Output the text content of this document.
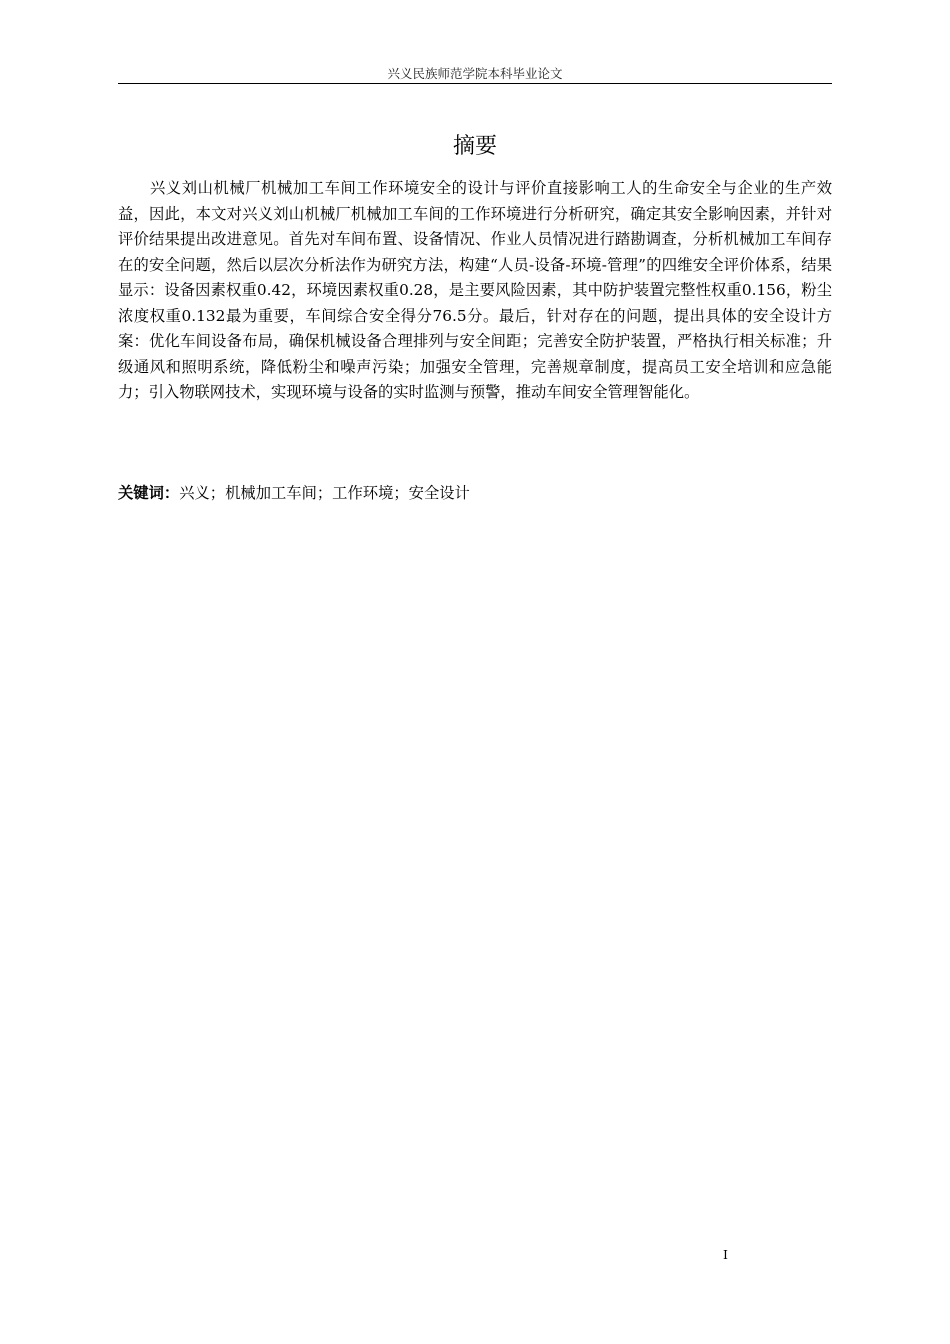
兴义民族师范学院本科毕业论文
摘要

兴义刘山机械厂机械加工车间工作环境安全的设计与评价直接影响工人的生命安全与企业的生产效益，因此，本文对兴义刘山机械厂机械加工车间的工作环境进行分析研究，确定其安全影响因素，并针对评价结果提出改进意见。首先对车间布置、设备情况、作业人员情况进行踏勘调查，分析机械加工车间存在的安全问题，然后以层次分析法作为研究方法，构建“人员-设备-环境-管理”的四维安全评价体系，结果显示：设备因素权重0.42，环境因素权重0.28，是主要风险因素，其中防护装置完整性权重0.156，粉尘浓度权重0.132最为重要，车间综合安全得分76.5分。最后，针对存在的问题，提出具体的安全设计方案：优化车间设备布局，确保机械设备合理排列与安全间距；完善安全防护装置，严格执行相关标准；升级通风和照明系统，降低粉尘和噪声污染；加强安全管理，完善规章制度，提高员工安全培训和应急能力；引入物联网技术，实现环境与设备的实时监测与预警，推动车间安全管理智能化。

关键词：兴义；机械加工车间；工作环境；安全设计
I
